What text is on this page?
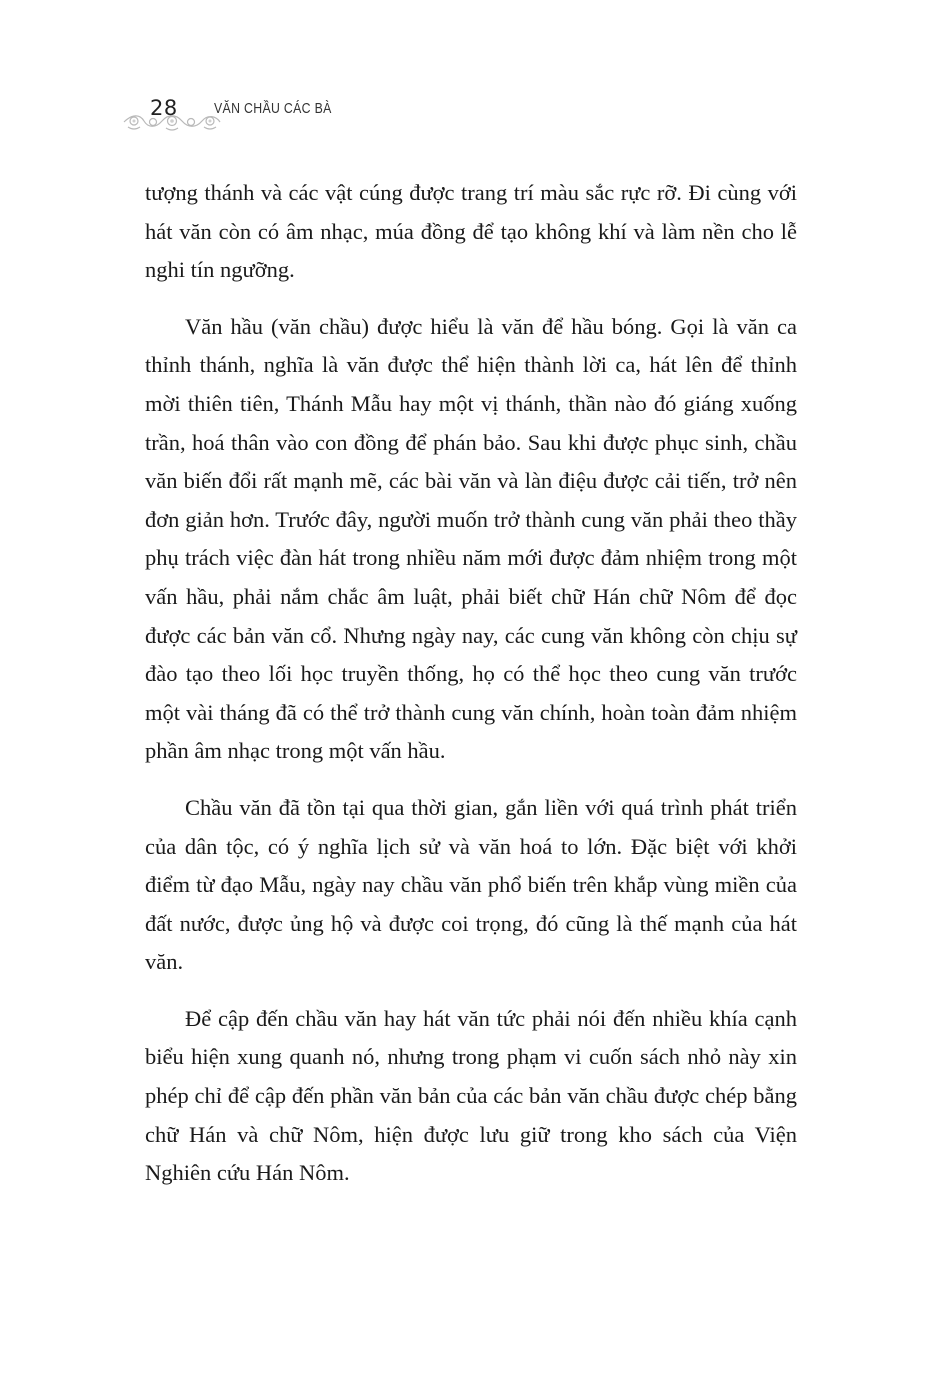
28 VĂN CHẦU CÁC BÀ

tượng thánh và các vật cúng được trang trí màu sắc rực rỡ. Đi cùng với hát văn còn có âm nhạc, múa đồng để tạo không khí và làm nền cho lễ nghi tín ngưỡng.

Văn hầu (văn chầu) được hiểu là văn để hầu bóng. Gọi là văn ca thỉnh thánh, nghĩa là văn được thể hiện thành lời ca, hát lên để thỉnh mời thiên tiên, Thánh Mẫu hay một vị thánh, thần nào đó giáng xuống trần, hoá thân vào con đồng để phán bảo. Sau khi được phục sinh, chầu văn biến đổi rất mạnh mẽ, các bài văn và làn điệu được cải tiến, trở nên đơn giản hơn. Trước đây, người muốn trở thành cung văn phải theo thầy phụ trách việc đàn hát trong nhiều năm mới được đảm nhiệm trong một vấn hầu, phải nắm chắc âm luật, phải biết chữ Hán chữ Nôm để đọc được các bản văn cổ. Nhưng ngày nay, các cung văn không còn chịu sự đào tạo theo lối học truyền thống, họ có thể học theo cung văn trước một vài tháng đã có thể trở thành cung văn chính, hoàn toàn đảm nhiệm phần âm nhạc trong một vấn hầu.

Chầu văn đã tồn tại qua thời gian, gắn liền với quá trình phát triển của dân tộc, có ý nghĩa lịch sử và văn hoá to lớn. Đặc biệt với khởi điểm từ đạo Mẫu, ngày nay chầu văn phổ biến trên khắp vùng miền của đất nước, được ủng hộ và được coi trọng, đó cũng là thế mạnh của hát văn.

Để cập đến chầu văn hay hát văn tức phải nói đến nhiều khía cạnh biểu hiện xung quanh nó, nhưng trong phạm vi cuốn sách nhỏ này xin phép chỉ để cập đến phần văn bản của các bản văn chầu được chép bằng chữ Hán và chữ Nôm, hiện được lưu giữ trong kho sách của Viện Nghiên cứu Hán Nôm.
